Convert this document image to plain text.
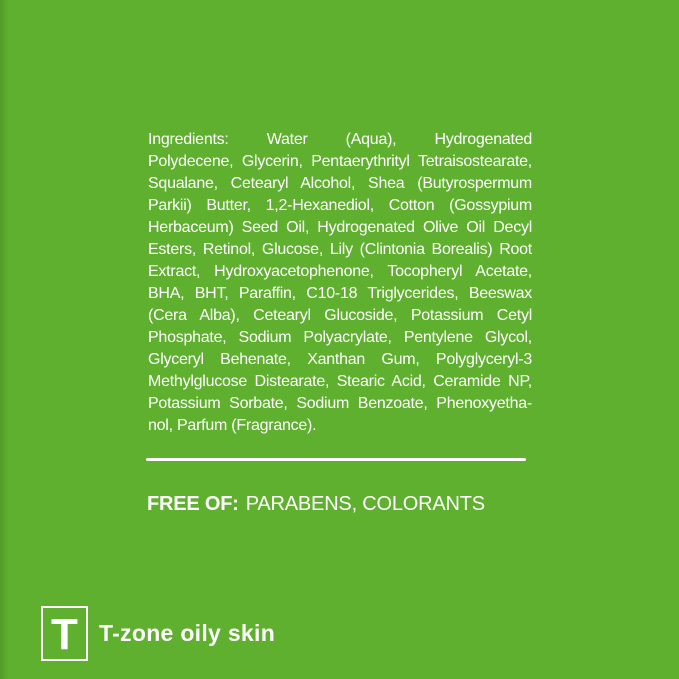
Ingredients: Water (Aqua), Hydrogenated
Polydecene, Glycerin, Pentaerythrityl Tetraisostearate,
Squalane, Cetearyl Alcohol, Shea (Butyrospermum
Parkii) Butter, 1,2-Hexanediol, Cotton (Gossypium
Herbaceum) Seed Oil, Hydrogenated Olive Oil Decyl
Esters, Retinol, Glucose, Lily (Clintonia Borealis) Root
Extract, Hydroxyacetophenone, Tocopheryl Acetate,
BHA, BHT, Paraffin, C10-18 Triglycerides, Beeswax
(Cera Alba), Cetearyl Glucoside, Potassium Cetyl
Phosphate, Sodium Polyacrylate, Pentylene Glycol,
Glyceryl Behenate, Xanthan Gum, Polyglyceryl-3
Methylglucose Distearate, Stearic Acid, Ceramide NP,
Potassium Sorbate, Sodium Benzoate, Phenoxyetha-
nol, Parfum (Fragrance).
FREE OF: PARABENS, COLORANTS
T T-zone oily skin
